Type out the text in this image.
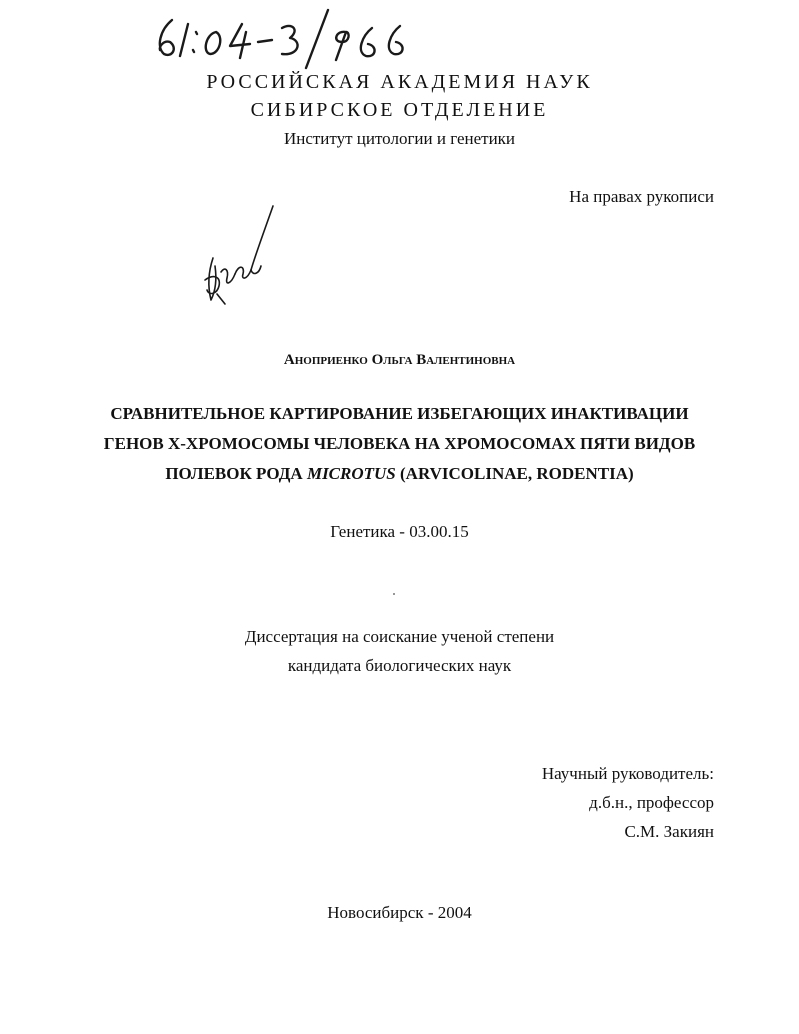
РОССИЙСКАЯ АКАДЕМИЯ НАУК
СИБИРСКОЕ ОТДЕЛЕНИЕ
Институт цитологии и генетики
На правах рукописи
Аноприенко Ольга Валентиновна
СРАВНИТЕЛЬНОЕ КАРТИРОВАНИЕ ИЗБЕГАЮЩИХ ИНАКТИВАЦИИ
ГЕНОВ X-ХРОМОСОМЫ ЧЕЛОВЕКА НА ХРОМОСОМАХ ПЯТИ ВИДОВ
ПОЛЕВОК РОДА MICROTUS (ARVICOLINAE, RODENTIA)
Генетика - 03.00.15
Диссертация на соискание ученой степени
кандидата биологических наук
Научный руководитель:
д.б.н., профессор
С.М. Закиян
Новосибирск - 2004
